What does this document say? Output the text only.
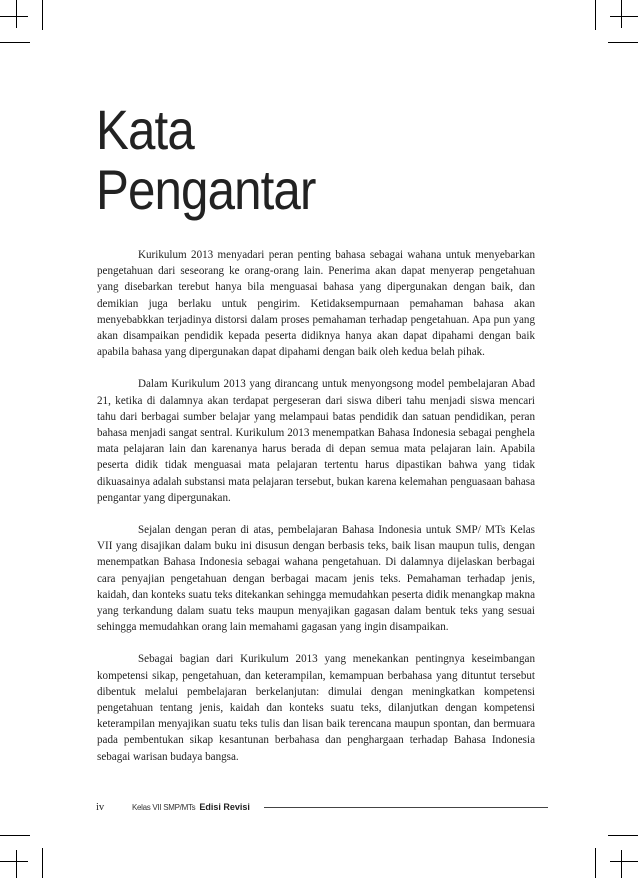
Kata
Pengantar

Kurikulum 2013 menyadari peran penting bahasa sebagai wahana untuk menyebarkan pengetahuan dari seseorang ke orang-orang lain. Penerima akan dapat menyerap pengetahuan yang disebarkan terebut hanya bila menguasai bahasa yang dipergunakan dengan baik, dan demikian juga berlaku untuk pengirim. Ketidaksempurnaan pemahaman bahasa akan menyebabkkan terjadinya distorsi dalam proses pemahaman terhadap pengetahuan. Apa pun yang akan disampaikan pendidik kepada peserta didiknya hanya akan dapat dipahami dengan baik apabila bahasa yang dipergunakan dapat dipahami dengan baik oleh kedua belah pihak.

Dalam Kurikulum 2013 yang dirancang untuk menyongsong model pembelajaran Abad 21, ketika di dalamnya akan terdapat pergeseran dari siswa diberi tahu menjadi siswa mencari tahu dari berbagai sumber belajar yang melampaui batas pendidik dan satuan pendidikan, peran bahasa menjadi sangat sentral. Kurikulum 2013 menempatkan Bahasa Indonesia sebagai penghela mata pelajaran lain dan karenanya harus berada di depan semua mata pelajaran lain. Apabila peserta didik tidak menguasai mata pelajaran tertentu harus dipastikan bahwa yang tidak dikuasainya adalah substansi mata pelajaran tersebut, bukan karena kelemahan penguasaan bahasa pengantar yang dipergunakan.

Sejalan dengan peran di atas, pembelajaran Bahasa Indonesia untuk SMP/ MTs Kelas VII yang disajikan dalam buku ini disusun dengan berbasis teks, baik lisan maupun tulis, dengan menempatkan Bahasa Indonesia sebagai wahana pengetahuan. Di dalamnya dijelaskan berbagai cara penyajian pengetahuan dengan berbagai macam jenis teks. Pemahaman terhadap jenis, kaidah, dan konteks suatu teks ditekankan sehingga memudahkan peserta didik menangkap makna yang terkandung dalam suatu teks maupun menyajikan gagasan dalam bentuk teks yang sesuai sehingga memudahkan orang lain memahami gagasan yang ingin disampaikan.

Sebagai bagian dari Kurikulum 2013 yang menekankan pentingnya keseimbangan kompetensi sikap, pengetahuan, dan keterampilan, kemampuan berbahasa yang dituntut tersebut dibentuk melalui pembelajaran berkelanjutan: dimulai dengan meningkatkan kompetensi pengetahuan tentang jenis, kaidah dan konteks suatu teks, dilanjutkan dengan kompetensi keterampilan menyajikan suatu teks tulis dan lisan baik terencana maupun spontan, dan bermuara pada pembentukan sikap kesantunan berbahasa dan penghargaan terhadap Bahasa Indonesia sebagai warisan budaya bangsa.

iv	Kelas VII SMP/MTs Edisi Revisi
